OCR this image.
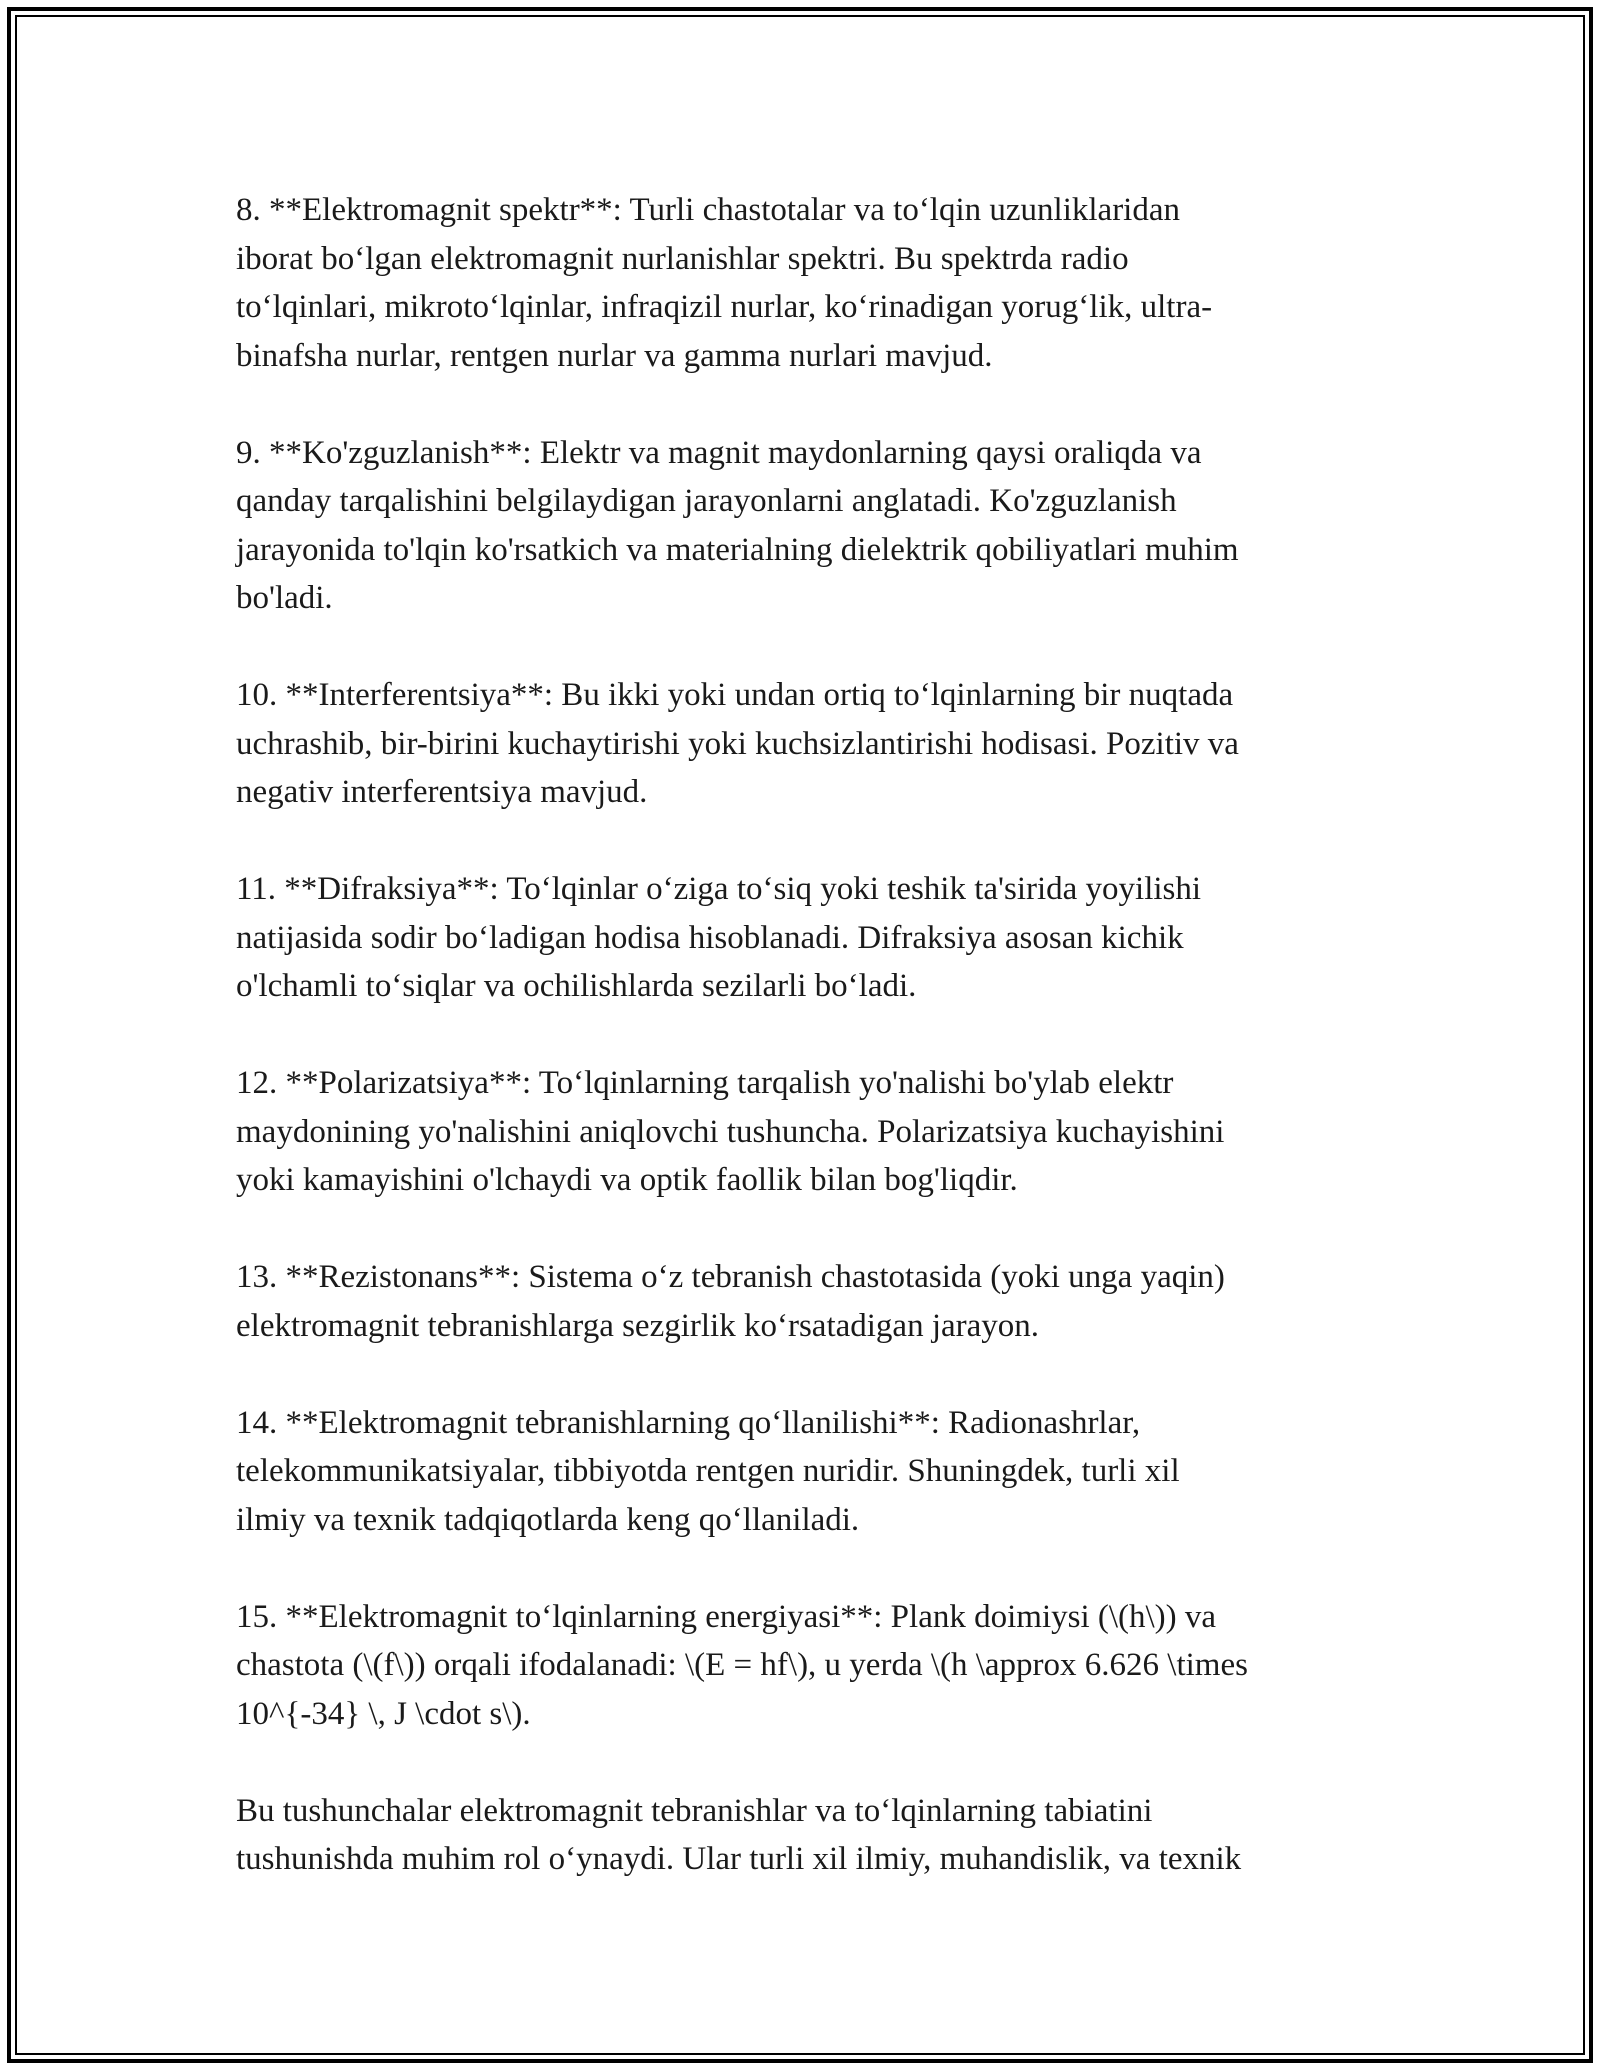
8. **Elektromagnit spektr**: Turli chastotalar va to‘lqin uzunliklaridan
iborat bo‘lgan elektromagnit nurlanishlar spektri. Bu spektrda radio
to‘lqinlari, mikroto‘lqinlar, infraqizil nurlar, ko‘rinadigan yorug‘lik, ultra-
binafsha nurlar, rentgen nurlar va gamma nurlari mavjud.

9. **Ko'zguzlanish**: Elektr va magnit maydonlarning qaysi oraliqda va
qanday tarqalishini belgilaydigan jarayonlarni anglatadi. Ko'zguzlanish
jarayonida to'lqin ko'rsatkich va materialning dielektrik qobiliyatlari muhim
bo'ladi.

10. **Interferentsiya**: Bu ikki yoki undan ortiq to‘lqinlarning bir nuqtada
uchrashib, bir-birini kuchaytirishi yoki kuchsizlantirishi hodisasi. Pozitiv va
negativ interferentsiya mavjud.

11. **Difraksiya**: To‘lqinlar o‘ziga to‘siq yoki teshik ta'sirida yoyilishi
natijasida sodir bo‘ladigan hodisa hisoblanadi. Difraksiya asosan kichik
o'lchamli to‘siqlar va ochilishlarda sezilarli bo‘ladi.

12. **Polarizatsiya**: To‘lqinlarning tarqalish yo'nalishi bo'ylab elektr
maydonining yo'nalishini aniqlovchi tushuncha. Polarizatsiya kuchayishini
yoki kamayishini o'lchaydi va optik faollik bilan bog'liqdir.

13. **Rezistonans**: Sistema o‘z tebranish chastotasida (yoki unga yaqin)
elektromagnit tebranishlarga sezgirlik ko‘rsatadigan jarayon.

14. **Elektromagnit tebranishlarning qo‘llanilishi**: Radionashrlar,
telekommunikatsiyalar, tibbiyotda rentgen nuridir. Shuningdek, turli xil
ilmiy va texnik tadqiqotlarda keng qo‘llaniladi.

15. **Elektromagnit to‘lqinlarning energiyasi**: Plank doimiysi (\(h\)) va
chastota (\(f\)) orqali ifodalanadi: \(E = hf\), u yerda \(h \approx 6.626 \times
10^{-34} \, J \cdot s\).

Bu tushunchalar elektromagnit tebranishlar va to‘lqinlarning tabiatini
tushunishda muhim rol o‘ynaydi. Ular turli xil ilmiy, muhandislik, va texnik
